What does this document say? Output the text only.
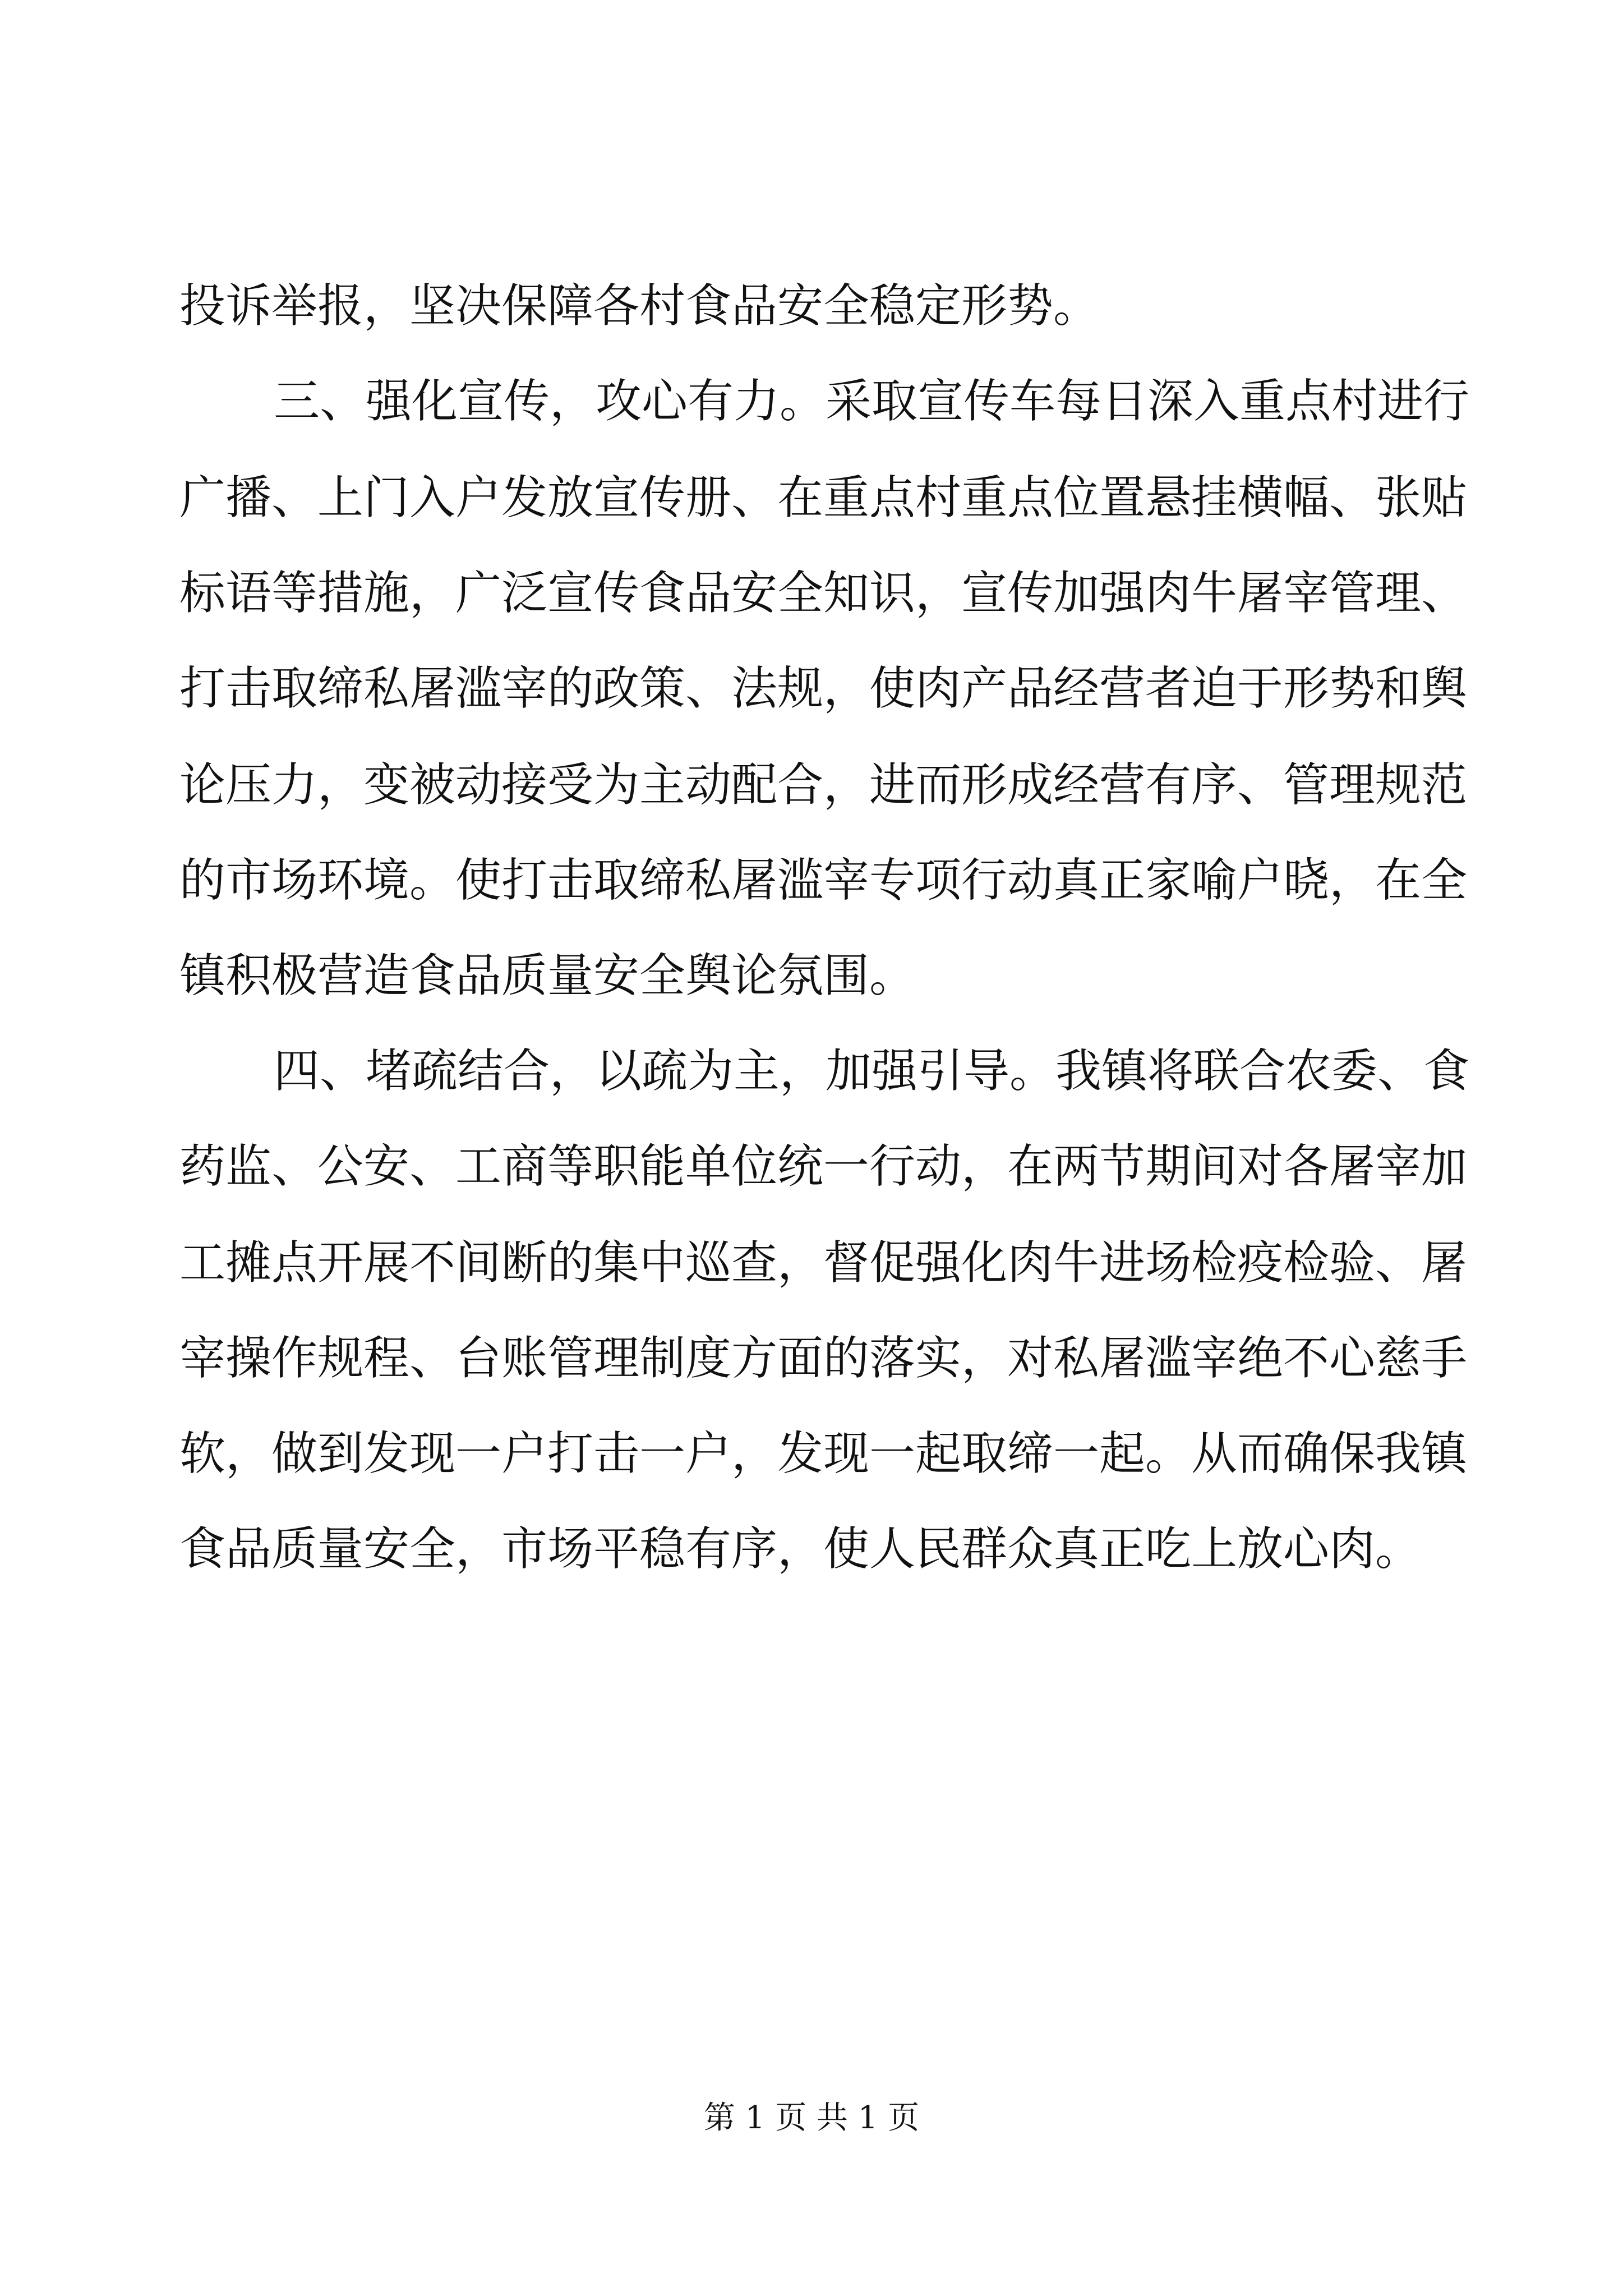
投诉举报，坚决保障各村食品安全稳定形势。
三、强化宣传，攻心有力。采取宣传车每日深入重点村进行
广播、上门入户发放宣传册、在重点村重点位置悬挂横幅、张贴
标语等措施，广泛宣传食品安全知识，宣传加强肉牛屠宰管理、
打击取缔私屠滥宰的政策、法规，使肉产品经营者迫于形势和舆
论压力，变被动接受为主动配合，进而形成经营有序、管理规范
的市场环境。使打击取缔私屠滥宰专项行动真正家喻户晓，在全
镇积极营造食品质量安全舆论氛围。
四、堵疏结合，以疏为主，加强引导。我镇将联合农委、食
药监、公安、工商等职能单位统一行动，在两节期间对各屠宰加
工摊点开展不间断的集中巡查，督促强化肉牛进场检疫检验、屠
宰操作规程、台账管理制度方面的落实，对私屠滥宰绝不心慈手
软，做到发现一户打击一户，发现一起取缔一起。从而确保我镇
食品质量安全，市场平稳有序，使人民群众真正吃上放心肉。
第 1 页 共 1 页
